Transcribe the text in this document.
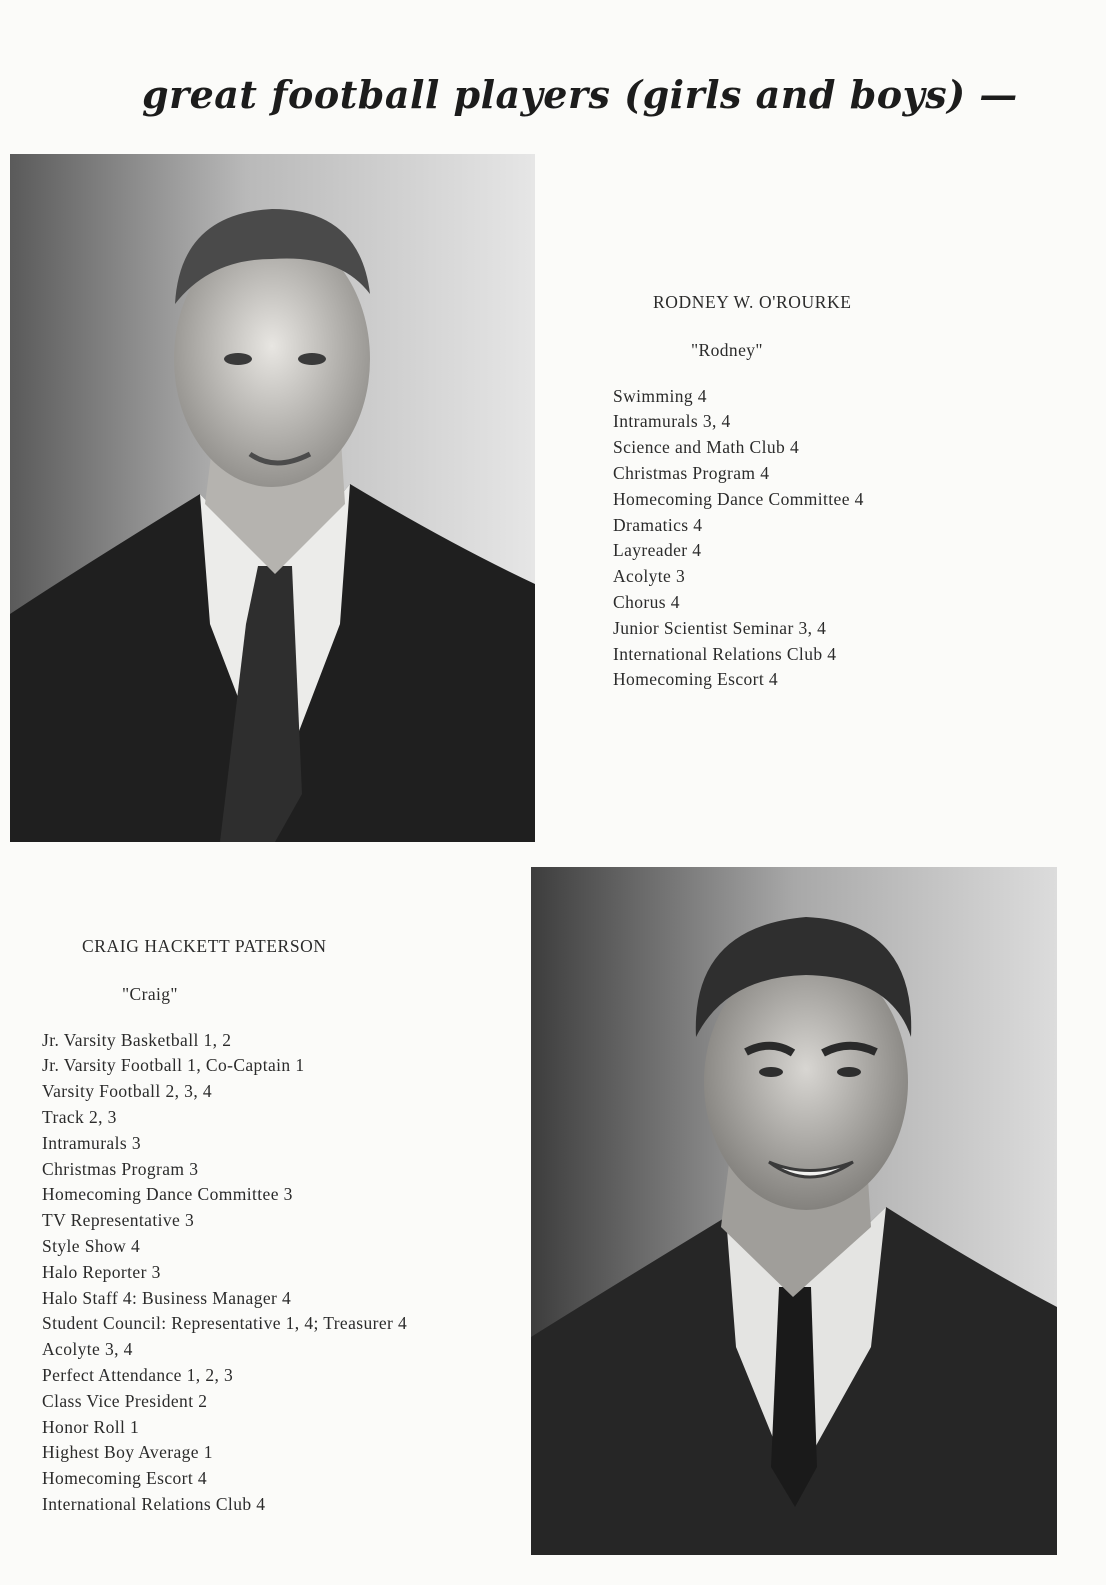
great football players (girls and boys) —
RODNEY W. O'ROURKE
"Rodney"
Swimming 4
Intramurals 3, 4
Science and Math Club 4
Christmas Program 4
Homecoming Dance Committee 4
Dramatics 4
Layreader 4
Acolyte 3
Chorus 4
Junior Scientist Seminar 3, 4
International Relations Club 4
Homecoming Escort 4
CRAIG HACKETT PATERSON
"Craig"
Jr. Varsity Basketball 1, 2
Jr. Varsity Football 1, Co-Captain 1
Varsity Football 2, 3, 4
Track 2, 3
Intramurals 3
Christmas Program 3
Homecoming Dance Committee 3
TV Representative 3
Style Show 4
Halo Reporter 3
Halo Staff 4: Business Manager 4
Student Council: Representative 1, 4; Treasurer 4
Acolyte 3, 4
Perfect Attendance 1, 2, 3
Class Vice President 2
Honor Roll 1
Highest Boy Average 1
Homecoming Escort 4
International Relations Club 4
